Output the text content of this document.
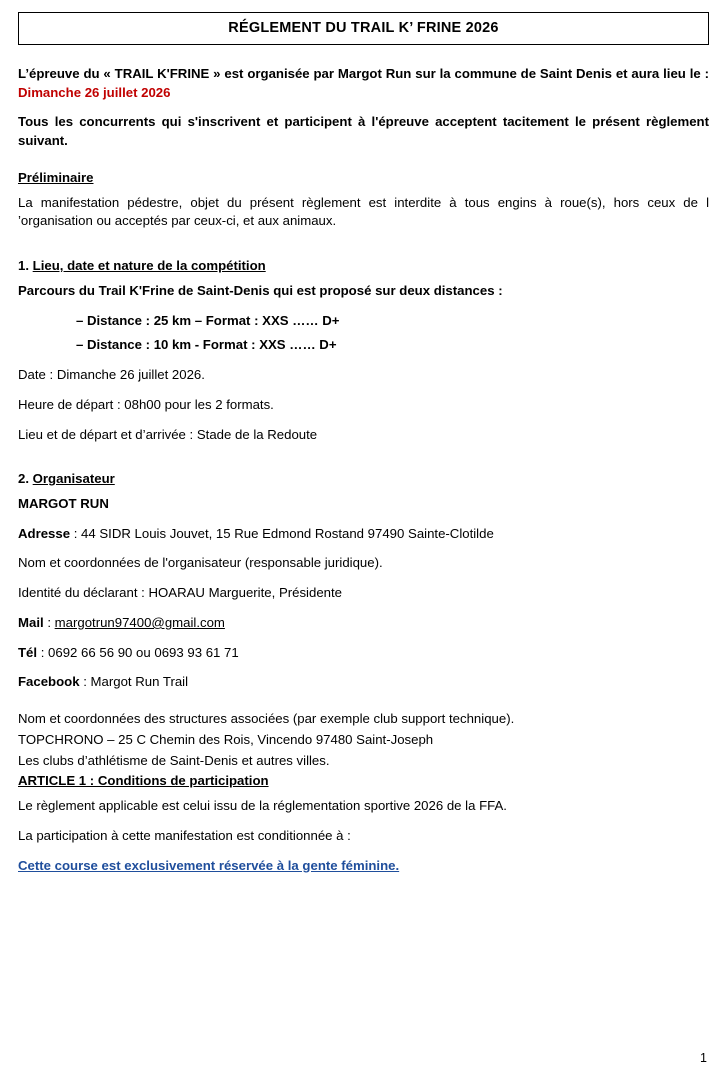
RÉGLEMENT DU TRAIL K’ FRINE 2026

L’épreuve du « TRAIL K'FRINE » est organisée par Margot Run sur la commune de Saint Denis et aura lieu le : Dimanche 26 juillet 2026

Tous les concurrents qui s'inscrivent et participent à l'épreuve acceptent tacitement le présent règlement suivant.

Préliminaire

La manifestation pédestre, objet du présent règlement est interdite à tous engins à roue(s), hors ceux de l ’organisation ou acceptés par ceux-ci, et aux animaux.

1. Lieu, date et nature de la compétition

Parcours du Trail K'Frine de Saint-Denis qui est proposé sur deux distances :

– Distance : 25 km – Format : XXS …… D+

– Distance : 10 km - Format : XXS …… D+

Date : Dimanche 26 juillet 2026.

Heure de départ : 08h00 pour les 2 formats.

Lieu et de départ et d’arrivée : Stade de la Redoute

2. Organisateur

MARGOT RUN

Adresse : 44 SIDR Louis Jouvet, 15 Rue Edmond Rostand 97490 Sainte-Clotilde

Nom et coordonnées de l'organisateur (responsable juridique).

Identité du déclarant : HOARAU Marguerite, Présidente

Mail : margotrun97400@gmail.com

Tél : 0692 66 56 90 ou 0693 93 61 71

Facebook : Margot Run Trail

Nom et coordonnées des structures associées (par exemple club support technique).

TOPCHRONO – 25 C Chemin des Rois, Vincendo 97480 Saint-Joseph

Les clubs d’athlétisme de Saint-Denis et autres villes.

ARTICLE 1 : Conditions de participation

Le règlement applicable est celui issu de la réglementation sportive 2026 de la FFA.

La participation à cette manifestation est conditionnée à :

Cette course est exclusivement réservée à la gente féminine.

1
